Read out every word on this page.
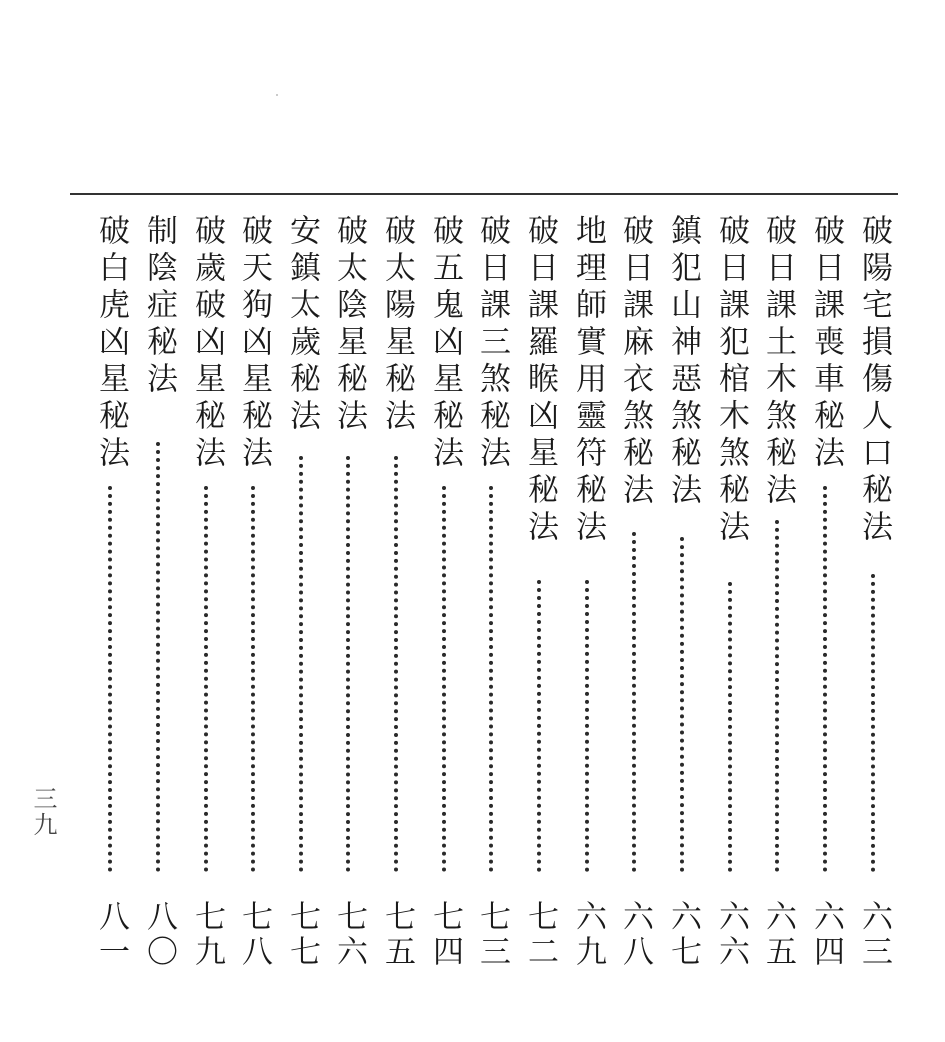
破陽宅損傷人口秘法
六三
破日課喪車秘法
六四
破日課土木煞秘法
六五
破日課犯棺木煞秘法
六六
鎮犯山神惡煞秘法
六七
破日課麻衣煞秘法
六八
地理師實用靈符秘法
六九
破日課羅睺凶星秘法
七二
破日課三煞秘法
七三
破五鬼凶星秘法
七四
破太陽星秘法
七五
破太陰星秘法
七六
安鎮太歲秘法
七七
破天狗凶星秘法
七八
破歲破凶星秘法
七九
制陰症秘法
八〇
破白虎凶星秘法
八一
三九
